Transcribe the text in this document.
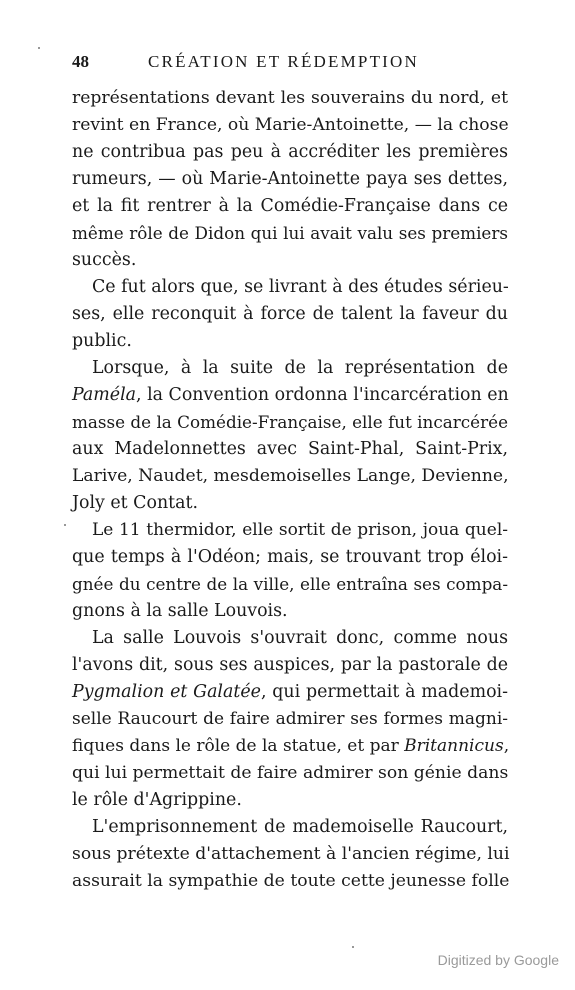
48	CRÉATION ET RÉDEMPTION
représentations devant les souverains du nord, et
revint en France, où Marie-Antoinette, — la chose
ne contribua pas peu à accréditer les premières
rumeurs, — où Marie-Antoinette paya ses dettes,
et la fit rentrer à la Comédie-Française dans ce
même rôle de Didon qui lui avait valu ses premiers
succès.
Ce fut alors que, se livrant à des études sérieu-
ses, elle reconquit à force de talent la faveur du
public.
Lorsque, à la suite de la représentation de
Paméla, la Convention ordonna l'incarcération en
masse de la Comédie-Française, elle fut incarcérée
aux Madelonnettes avec Saint-Phal, Saint-Prix,
Larive, Naudet, mesdemoiselles Lange, Devienne,
Joly et Contat.
Le 11 thermidor, elle sortit de prison, joua quel-
que temps à l'Odéon; mais, se trouvant trop éloi-
gnée du centre de la ville, elle entraîna ses compa-
gnons à la salle Louvois.
La salle Louvois s'ouvrait donc, comme nous
l'avons dit, sous ses auspices, par la pastorale de
Pygmalion et Galatée, qui permettait à mademoi-
selle Raucourt de faire admirer ses formes magni-
fiques dans le rôle de la statue, et par Britannicus,
qui lui permettait de faire admirer son génie dans
le rôle d'Agrippine.
L'emprisonnement de mademoiselle Raucourt,
sous prétexte d'attachement à l'ancien régime, lui
assurait la sympathie de toute cette jeunesse folle
Digitized by Google
